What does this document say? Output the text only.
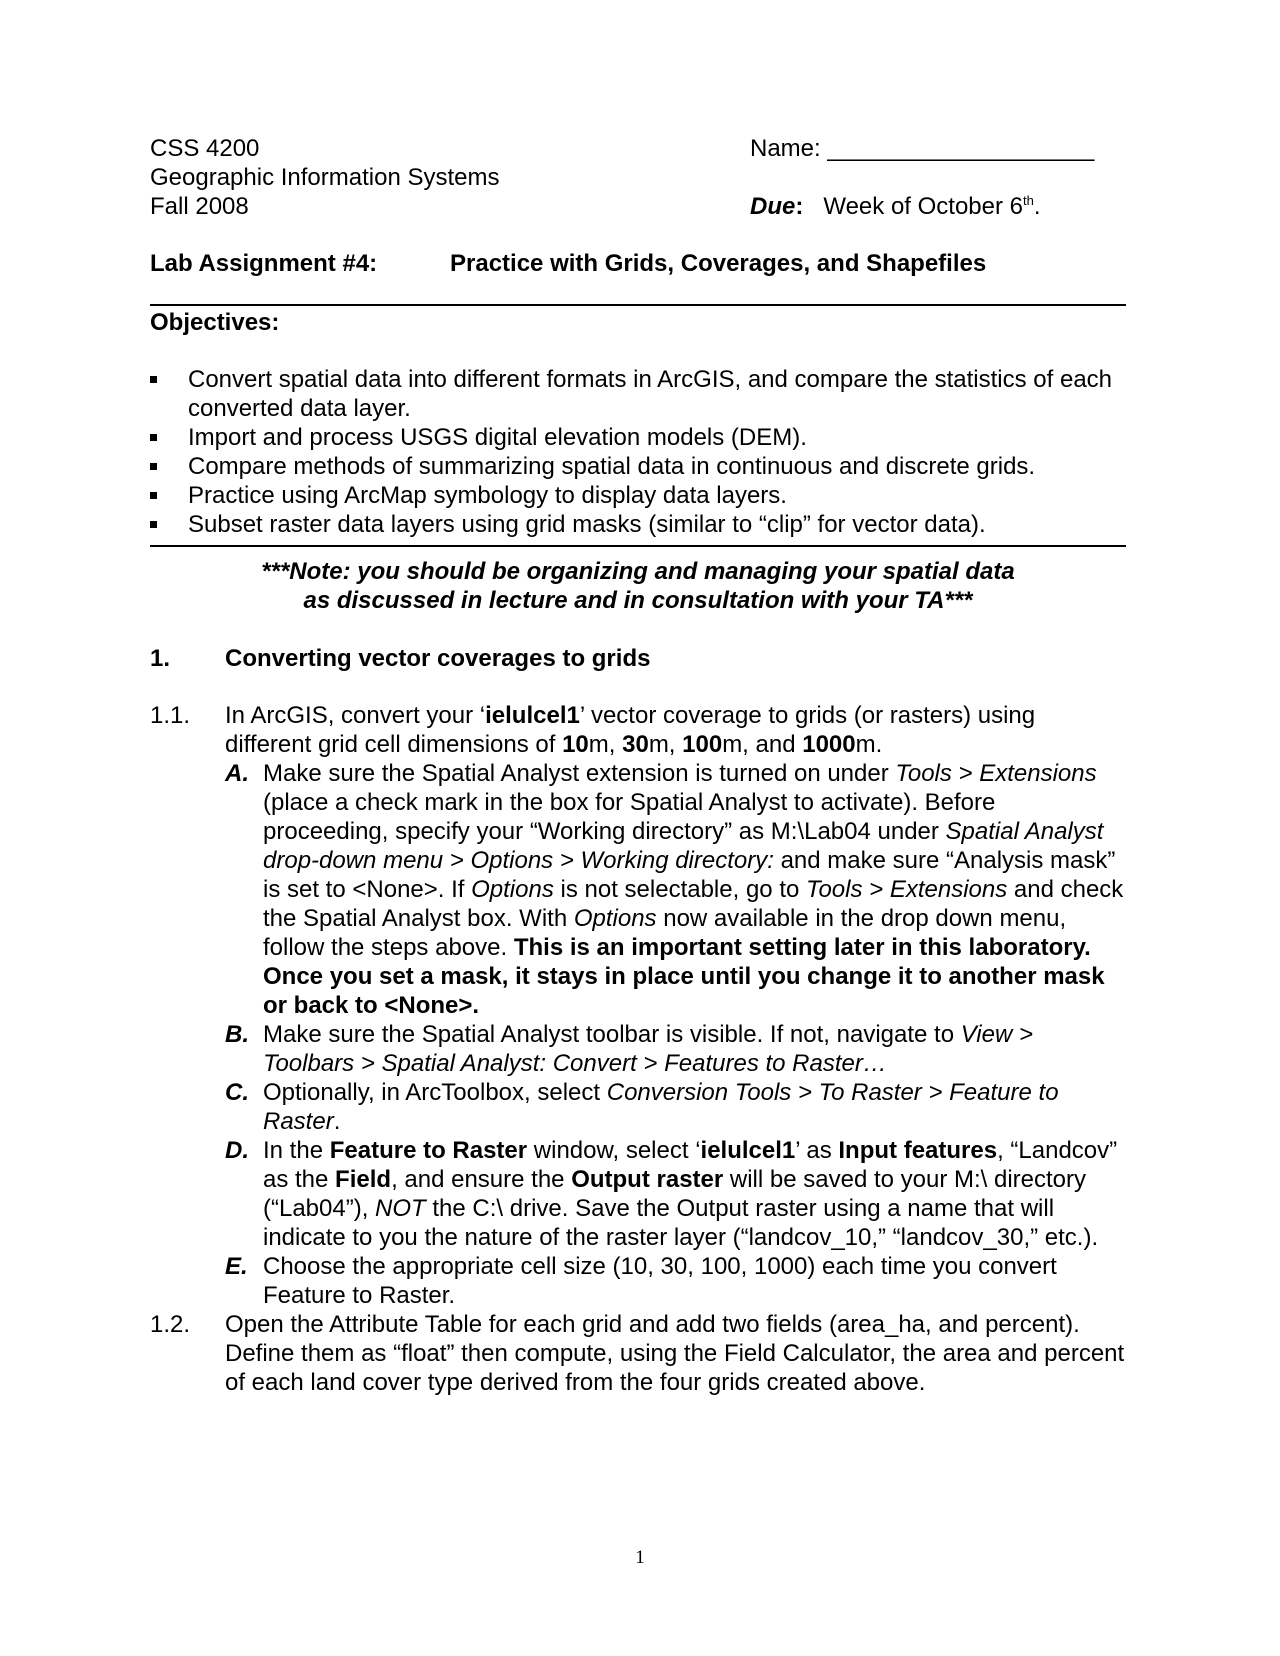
CSS 4200
Geographic Information Systems
Fall 2008
Name: ____________________

Due: Week of October 6th.
Lab Assignment #4:	Practice with Grids, Coverages, and Shapefiles
Objectives:
Convert spatial data into different formats in ArcGIS, and compare the statistics of each converted data layer.
Import and process USGS digital elevation models (DEM).
Compare methods of summarizing spatial data in continuous and discrete grids.
Practice using ArcMap symbology to display data layers.
Subset raster data layers using grid masks (similar to “clip” for vector data).
***Note: you should be organizing and managing your spatial data
as discussed in lecture and in consultation with your TA***
1.	Converting vector coverages to grids
1.1.	In ArcGIS, convert your ‘ielulcel1’ vector coverage to grids (or rasters) using different grid cell dimensions of 10m, 30m, 100m, and 1000m.
A. Make sure the Spatial Analyst extension is turned on under Tools > Extensions (place a check mark in the box for Spatial Analyst to activate). Before proceeding, specify your “Working directory” as M:\Lab04 under Spatial Analyst drop-down menu > Options > Working directory: and make sure “Analysis mask” is set to <None>. If Options is not selectable, go to Tools > Extensions and check the Spatial Analyst box. With Options now available in the drop down menu, follow the steps above. This is an important setting later in this laboratory. Once you set a mask, it stays in place until you change it to another mask or back to <None>.
B. Make sure the Spatial Analyst toolbar is visible. If not, navigate to View > Toolbars > Spatial Analyst: Convert > Features to Raster…
C. Optionally, in ArcToolbox, select Conversion Tools > To Raster > Feature to Raster.
D. In the Feature to Raster window, select ‘ielulcel1’ as Input features, “Landcov” as the Field, and ensure the Output raster will be saved to your M:\ directory (“Lab04”), NOT the C:\ drive. Save the Output raster using a name that will indicate to you the nature of the raster layer (“landcov_10,” “landcov_30,” etc.).
E. Choose the appropriate cell size (10, 30, 100, 1000) each time you convert Feature to Raster.
1.2.	Open the Attribute Table for each grid and add two fields (area_ha, and percent). Define them as “float” then compute, using the Field Calculator, the area and percent of each land cover type derived from the four grids created above.
1
